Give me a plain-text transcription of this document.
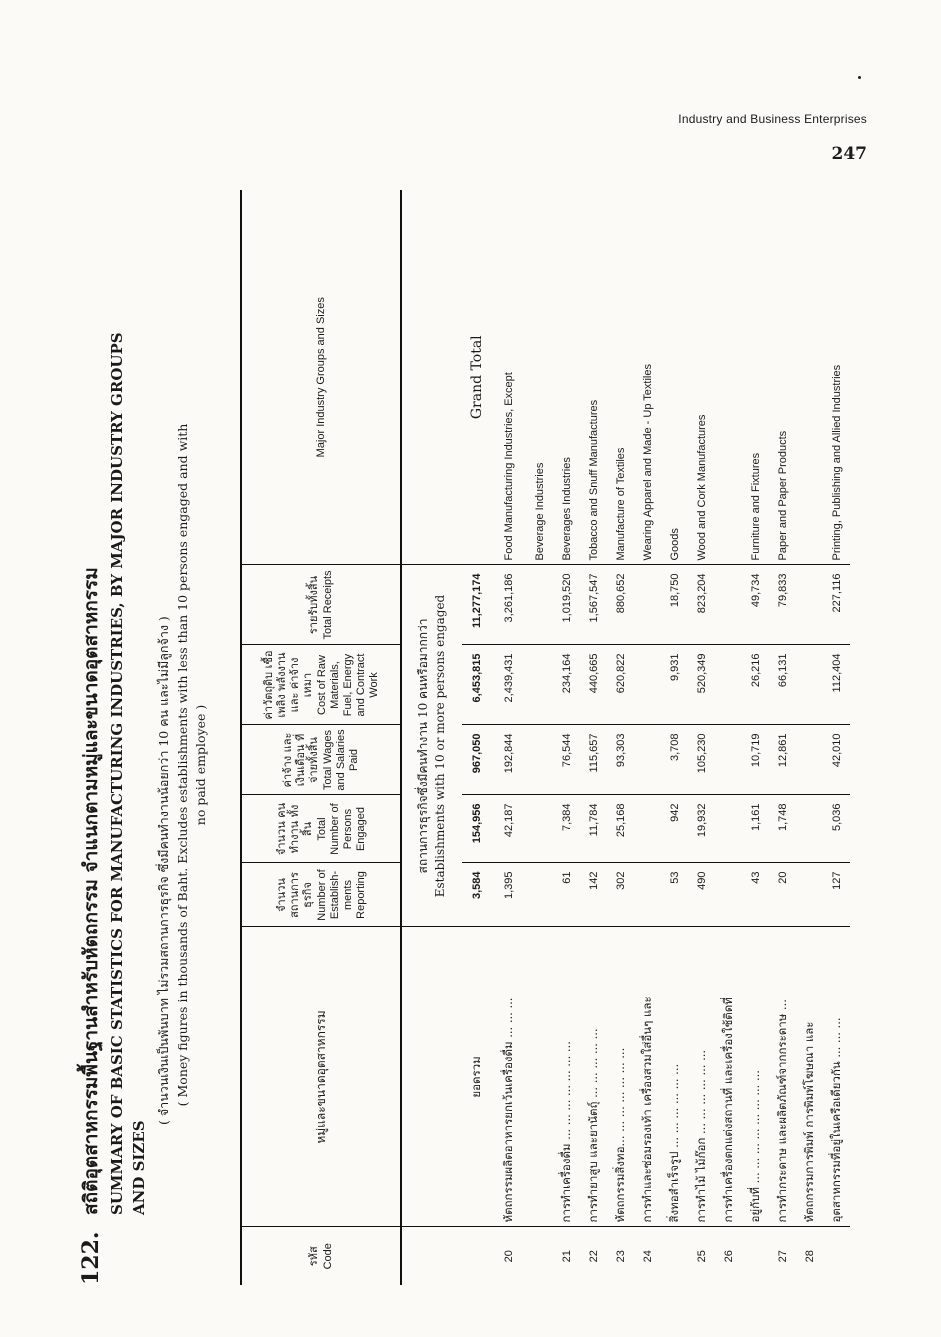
Industry and Business Enterprises
247
122.
สถิติอุตสาหกรรมพื้นฐานสำหรับหัตถกรรม จำแนกตามหมู่และขนาดอุตสาหกรรม SUMMARY OF BASIC STATISTICS FOR MANUFACTURING INDUSTRIES, BY MAJOR INDUSTRY GROUPS AND SIZES
( จำนวนเงินเป็นพันบาท ไม่รวมสถานการธุรกิจ ซึ่งมีคนทำงานน้อยกว่า 10 คน และไม่มีลูกจ้าง ) ( Money figures in thousands of Baht. Excludes establishments with less than 10 persons engaged and with no paid employee )
รหัส Code	หมู่และขนาดอุตสาหกรรม	จำนวน สถานการ ธุรกิจ Number of Establish- ments Reporting	จำนวน คนทำงาน ทั้งสิ้น Total Number of Persons Engaged	ค่าจ้าง และเงินเดือน ที่จ่ายทั้งสิ้น Total Wages and Salaries Paid	ค่าวัตถุดิบ เชื้อเพลิง พลังงานและ ค่าจ้างเหมา Cost of Raw Materials, Fuel, Energy and Contract Work	รายรับทั้งสิ้น Total Receipts	Major Industry Groups and Sizes

		สถานการธุรกิจซึ่งมีคนทำงาน 10 คนหรือมากกว่า Establishments with 10 or more persons engaged					

	ยอดรวม	3,584	154,956	967,050	6,453,815	11,277,174	Grand Total
20	หัตถกรรมผลิตอาหารยกเว้นเครื่องดื่ม ... ... ...	1,395	42,187	192,844	2,439,431	3,261,186	Food Manufacturing Industries, Except
							Beverage Industries
21	การทำเครื่องดื่ม ... ... ... ... ... ... ...	61	7,384	76,544	234,164	1,019,520	Beverages Industries
22	การทำยาสูบ และยานัตถุ์ ... ... ... ... ...	142	11,784	115,657	440,665	1,567,547	Tobacco and Snuff Manufactures
23	หัตถกรรมสิ่งทอ... ... ... ... ... ... ...	302	25,168	93,303	620,822	880,652	Manufacture of Textiles
24	การทำและซ่อมรองเท้า เครื่องสวมใส่อื่นๆ และ						Wearing Apparel and Made - Up Textiles
	สิ่งทอสำเร็จรูป ... ... ... ... ... ...	53	942	3,708	9,931	18,750	Goods
25	การทำไม้ ไม้ก๊อก ... ... ... ... ... ...	490	19,932	105,230	520,349	823,204	Wood and Cork Manufactures
26	การทำเครื่องตกแต่งสถานที่ และเครื่องใช้ติดที่						
	อยู่กับที่ ... ... ... ... ... ... ... ...	43	1,161	10,719	26,216	49,734	Furniture and Fixtures
27	การทำกระดาษ และผลิตภัณฑ์จากกระดาษ ...	20	1,748	12,861	66,131	79,833	Paper and Paper Products
28	หัตถกรรมการพิมพ์ การพิมพ์โฆษณา และ						
	อุตสาหกรรมที่อยู่ในเครือเดียวกัน ... ... ...	127	5,036	42,010	112,404	227,116	Printing, Publishing and Allied Industries
